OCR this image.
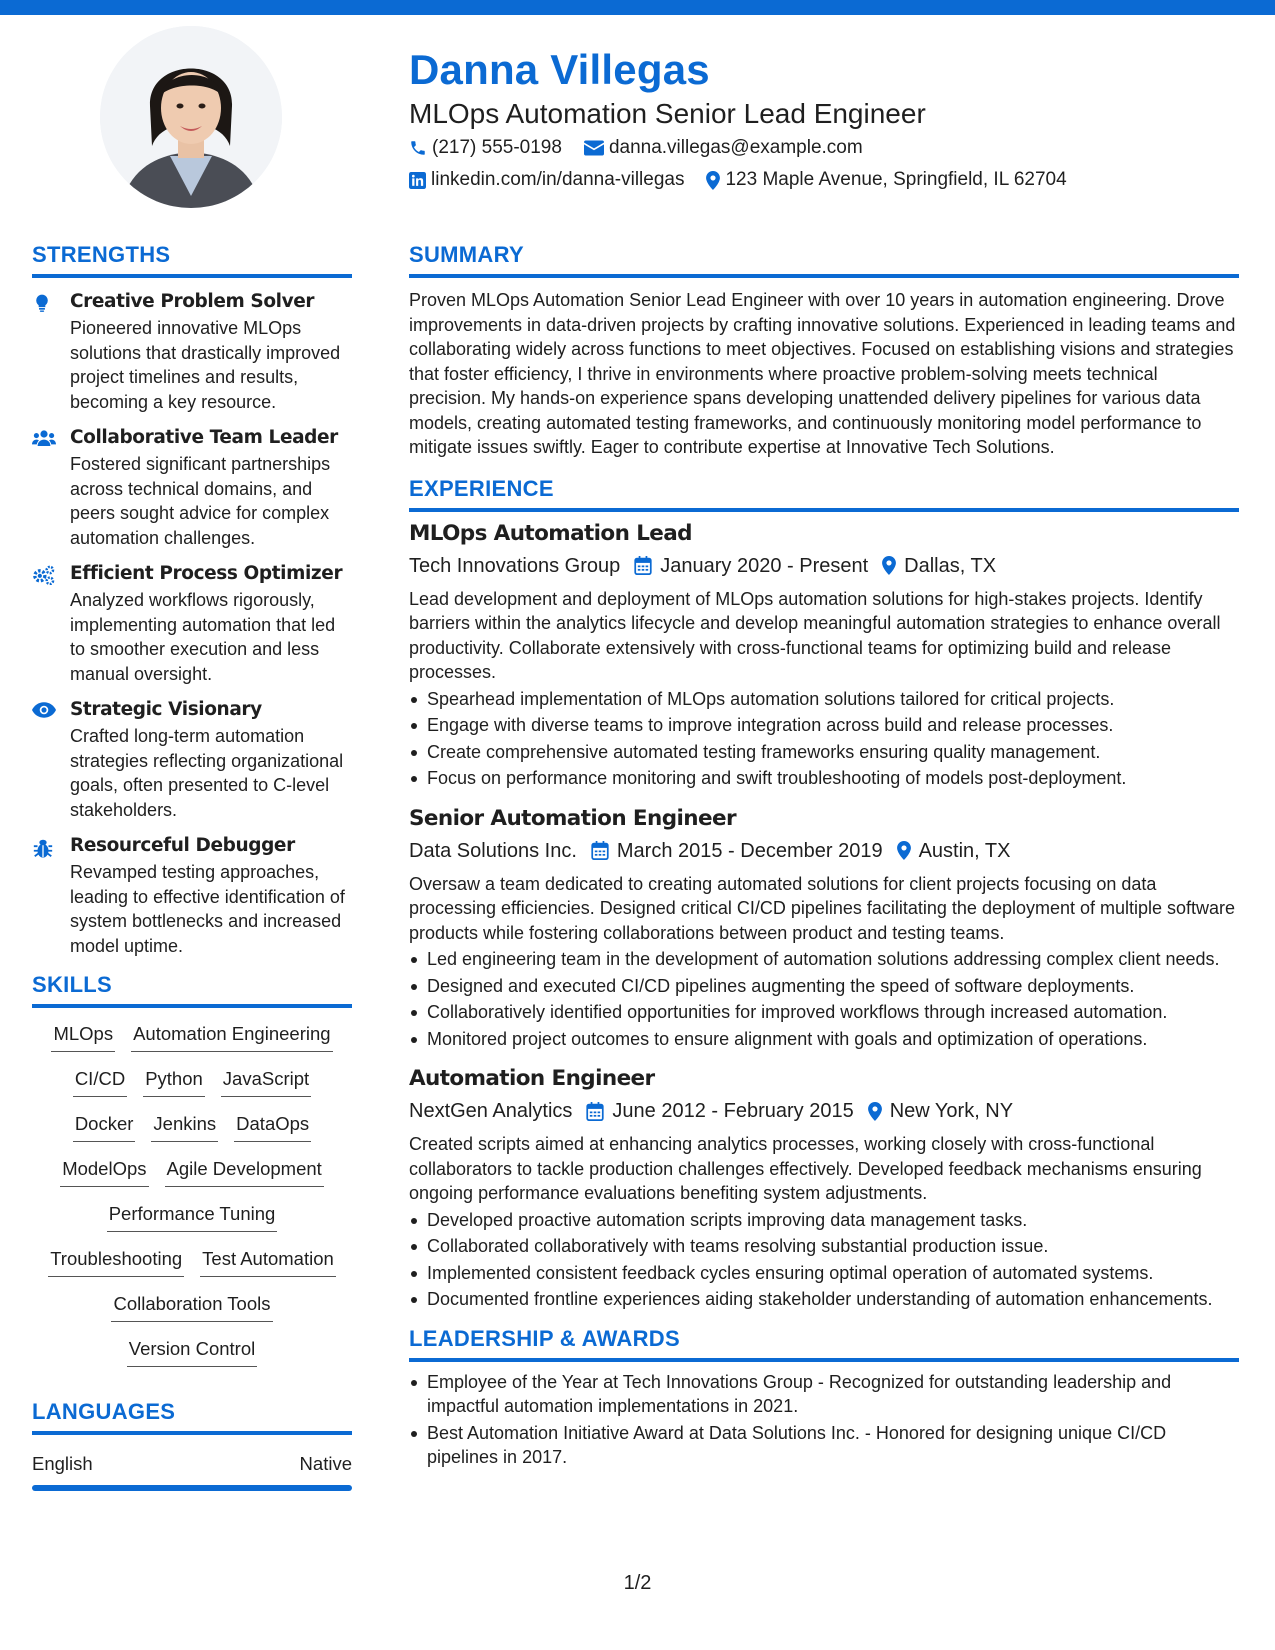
Danna Villegas
MLOps Automation Senior Lead Engineer
(217) 555-0198 danna.villegas@example.com
linkedin.com/in/danna-villegas 123 Maple Avenue, Springfield, IL 62704
STRENGTHS
Creative Problem Solver
Pioneered innovative MLOps solutions that drastically improved project timelines and results, becoming a key resource.
Collaborative Team Leader
Fostered significant partnerships across technical domains, and peers sought advice for complex automation challenges.
Efficient Process Optimizer
Analyzed workflows rigorously, implementing automation that led to smoother execution and less manual oversight.
Strategic Visionary
Crafted long-term automation strategies reflecting organizational goals, often presented to C-level stakeholders.
Resourceful Debugger
Revamped testing approaches, leading to effective identification of system bottlenecks and increased model uptime.
SKILLS
MLOps Automation Engineering
CI/CD Python JavaScript
Docker Jenkins DataOps
ModelOps Agile Development
Performance Tuning
Troubleshooting Test Automation
Collaboration Tools
Version Control
LANGUAGES
English	Native
SUMMARY
Proven MLOps Automation Senior Lead Engineer with over 10 years in automation engineering. Drove improvements in data-driven projects by crafting innovative solutions. Experienced in leading teams and collaborating widely across functions to meet objectives. Focused on establishing visions and strategies that foster efficiency, I thrive in environments where proactive problem-solving meets technical precision. My hands-on experience spans developing unattended delivery pipelines for various data models, creating automated testing frameworks, and continuously monitoring model performance to mitigate issues swiftly. Eager to contribute expertise at Innovative Tech Solutions.
EXPERIENCE
MLOps Automation Lead
Tech Innovations Group January 2020 - Present Dallas, TX
Lead development and deployment of MLOps automation solutions for high-stakes projects. Identify barriers within the analytics lifecycle and develop meaningful automation strategies to enhance overall productivity. Collaborate extensively with cross-functional teams for optimizing build and release processes.
Spearhead implementation of MLOps automation solutions tailored for critical projects.
Engage with diverse teams to improve integration across build and release processes.
Create comprehensive automated testing frameworks ensuring quality management.
Focus on performance monitoring and swift troubleshooting of models post-deployment.
Senior Automation Engineer
Data Solutions Inc. March 2015 - December 2019 Austin, TX
Oversaw a team dedicated to creating automated solutions for client projects focusing on data processing efficiencies. Designed critical CI/CD pipelines facilitating the deployment of multiple software products while fostering collaborations between product and testing teams.
Led engineering team in the development of automation solutions addressing complex client needs.
Designed and executed CI/CD pipelines augmenting the speed of software deployments.
Collaboratively identified opportunities for improved workflows through increased automation.
Monitored project outcomes to ensure alignment with goals and optimization of operations.
Automation Engineer
NextGen Analytics June 2012 - February 2015 New York, NY
Created scripts aimed at enhancing analytics processes, working closely with cross-functional collaborators to tackle production challenges effectively. Developed feedback mechanisms ensuring ongoing performance evaluations benefiting system adjustments.
Developed proactive automation scripts improving data management tasks.
Collaborated collaboratively with teams resolving substantial production issue.
Implemented consistent feedback cycles ensuring optimal operation of automated systems.
Documented frontline experiences aiding stakeholder understanding of automation enhancements.
LEADERSHIP & AWARDS
Employee of the Year at Tech Innovations Group - Recognized for outstanding leadership and impactful automation implementations in 2021.
Best Automation Initiative Award at Data Solutions Inc. - Honored for designing unique CI/CD pipelines in 2017.
1/2
